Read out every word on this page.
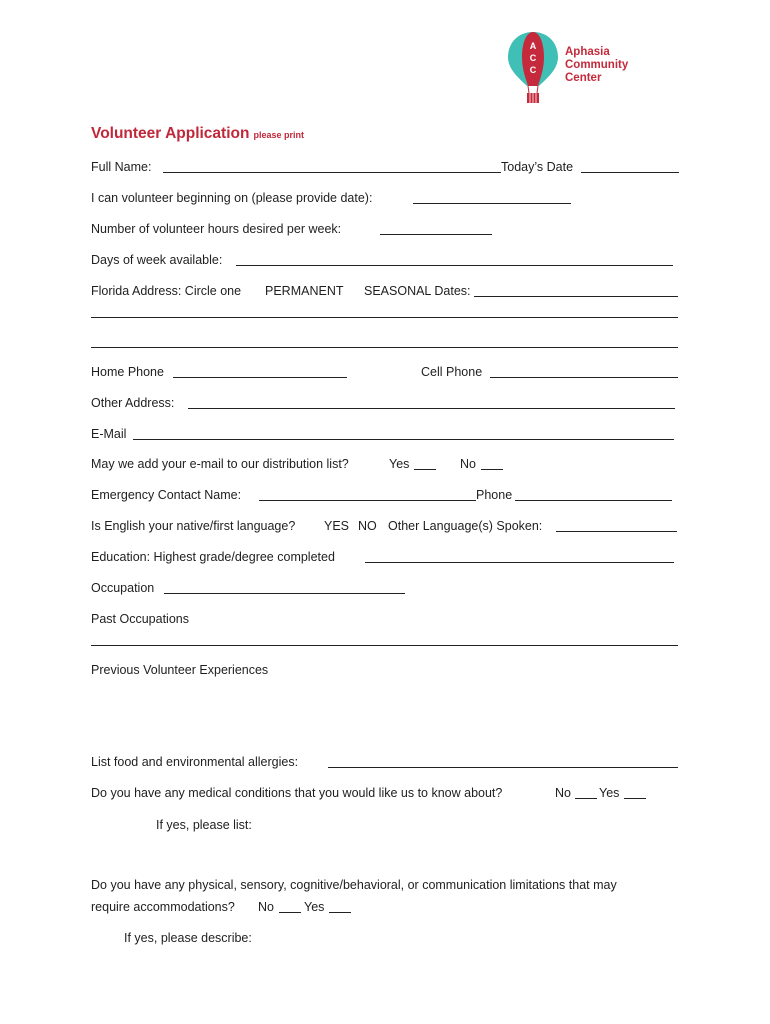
A
C
C
Aphasia
Community
Center
Volunteer Application please print
Full Name:	Today’s Date
I can volunteer beginning on (please provide date):
Number of volunteer hours desired per week:
Days of week available:
Florida Address: Circle one PERMANENT SEASONAL Dates:
Home Phone	Cell Phone
Other Address:
E-Mail
May we add your e-mail to our distribution list?	Yes	No
Emergency Contact Name:	Phone
Is English your native/first language? YES NO Other Language(s) Spoken:
Education: Highest grade/degree completed
Occupation
Past Occupations
Previous Volunteer Experiences
List food and environmental allergies:
Do you have any medical conditions that you would like us to know about?	No Yes
If yes, please list:
Do you have any physical, sensory, cognitive/behavioral, or communication limitations that may
require accommodations? No Yes
If yes, please describe:
